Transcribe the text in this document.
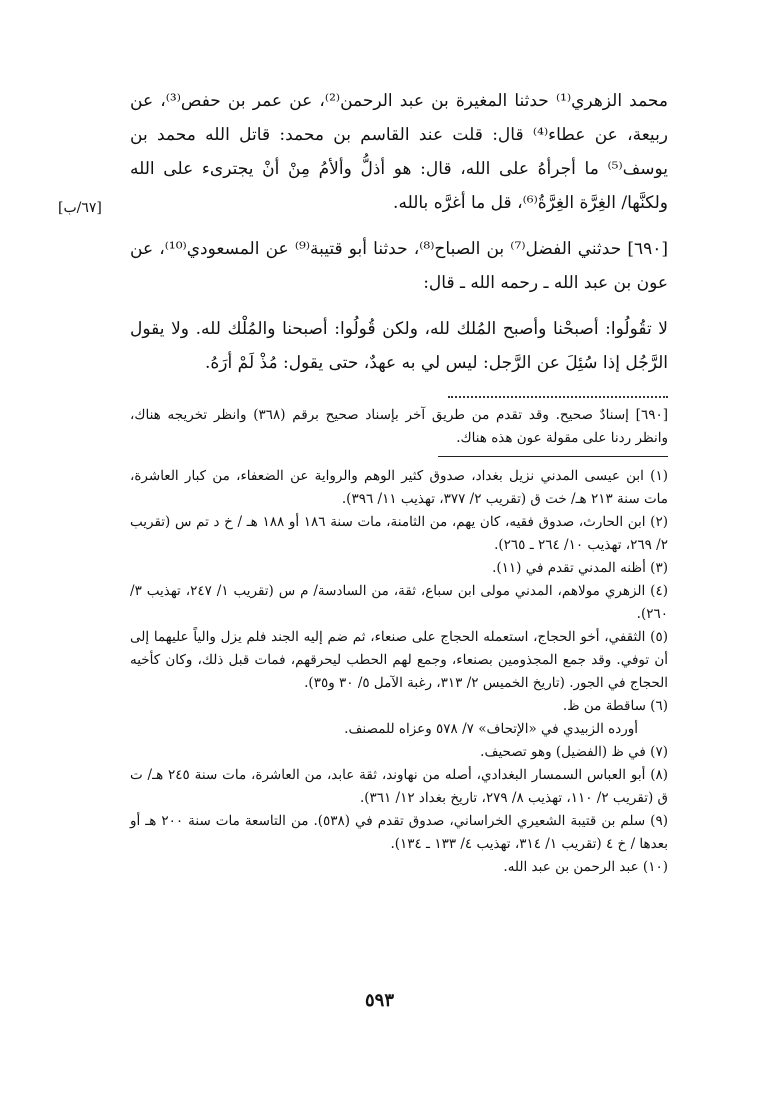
محمد الزهري⁽¹⁾ حدثنا المغيرة بن عبد الرحمن⁽²⁾، عن عمر بن حفص⁽³⁾، عن ربيعة، عن عطاء⁽⁴⁾ قال: قلت عند القاسم بن محمد: قاتل الله محمد بن يوسف⁽⁵⁾ ما أجرأهُ على الله، قال: هو أذلُّ وألأمُ مِنْ أنْ يجترىء على الله ولكنَّها/ الغِرَّة الغِرَّةُ⁽⁶⁾، قل ما أغرَّه بالله.

[٦٩٠] حدثني الفضل⁽⁷⁾ بن الصباح⁽⁸⁾، حدثنا أبو قتيبة⁽⁹⁾ عن المسعودي⁽¹⁰⁾، عن عون بن عبد الله ـ رحمه الله ـ قال:

لا تقُولُوا: أصبحْنا وأصبح المُلك لله، ولكن قُولُوا: أصبحنا والمُلْك لله. ولا يقول الرَّجُل إذا سُئِلَ عن الرَّجل: ليس لي به عهدٌ، حتى يقول: مُذْ لَمْ أرَهُ.

[٦٩٠] إسنادٌ صحيح. وقد تقدم من طريق آخر بإسناد صحيح برقم (٣٦٨) وانظر تخريجه هناك، وانظر ردنا على مقولة عون هذه هناك.

(١) ابن عيسى المدني نزيل بغداد، صدوق كثير الوهم والرواية عن الضعفاء، من كبار العاشرة، مات سنة ٢١٣ هـ/ خت ق (تقريب ٢/ ٣٧٧، تهذيب ١١/ ٣٩٦).

(٢) ابن الحارث، صدوق فقيه، كان يهم، من الثامنة، مات سنة ١٨٦ أو ١٨٨ هـ / خ د تم س (تقريب ٢/ ٢٦٩، تهذيب ١٠/ ٢٦٤ ـ ٢٦٥).

(٣) أظنه المدني تقدم في (١١).

(٤) الزهري مولاهم، المدني مولى ابن سباع، ثقة، من السادسة/ م س (تقريب ١/ ٢٤٧، تهذيب ٣/ ٢٦٠).

(٥) الثقفي، أخو الحجاج، استعمله الحجاج على صنعاء، ثم ضم إليه الجند فلم يزل والياً عليهما إلى أن توفي. وقد جمع المجذومين بصنعاء، وجمع لهم الحطب ليحرقهم، فمات قبل ذلك، وكان كأخيه الحجاج في الجور. (تاريخ الخميس ٢/ ٣١٣، رغبة الآمل ٥/ ٣٠ و٣٥).

(٦) ساقطة من ظ.

أورده الزبيدي في «الإتحاف» ٧/ ٥٧٨ وعزاه للمصنف.

(٧) في ظ (الفضيل) وهو تصحيف.

(٨) أبو العباس السمسار البغدادي، أصله من نهاوند، ثقة عابد، من العاشرة، مات سنة ٢٤٥ هـ/ ت ق (تقريب ٢/ ١١٠، تهذيب ٨/ ٢٧٩، تاريخ بغداد ١٢/ ٣٦١).

(٩) سلم بن قتيبة الشعيري الخراساني، صدوق تقدم في (٥٣٨). من التاسعة مات سنة ٢٠٠ هـ أو بعدها / خ ٤ (تقريب ١/ ٣١٤، تهذيب ٤/ ١٣٣ ـ ١٣٤).

(١٠) عبد الرحمن بن عبد الله.

[٦٧/ب]
٥٩٣
